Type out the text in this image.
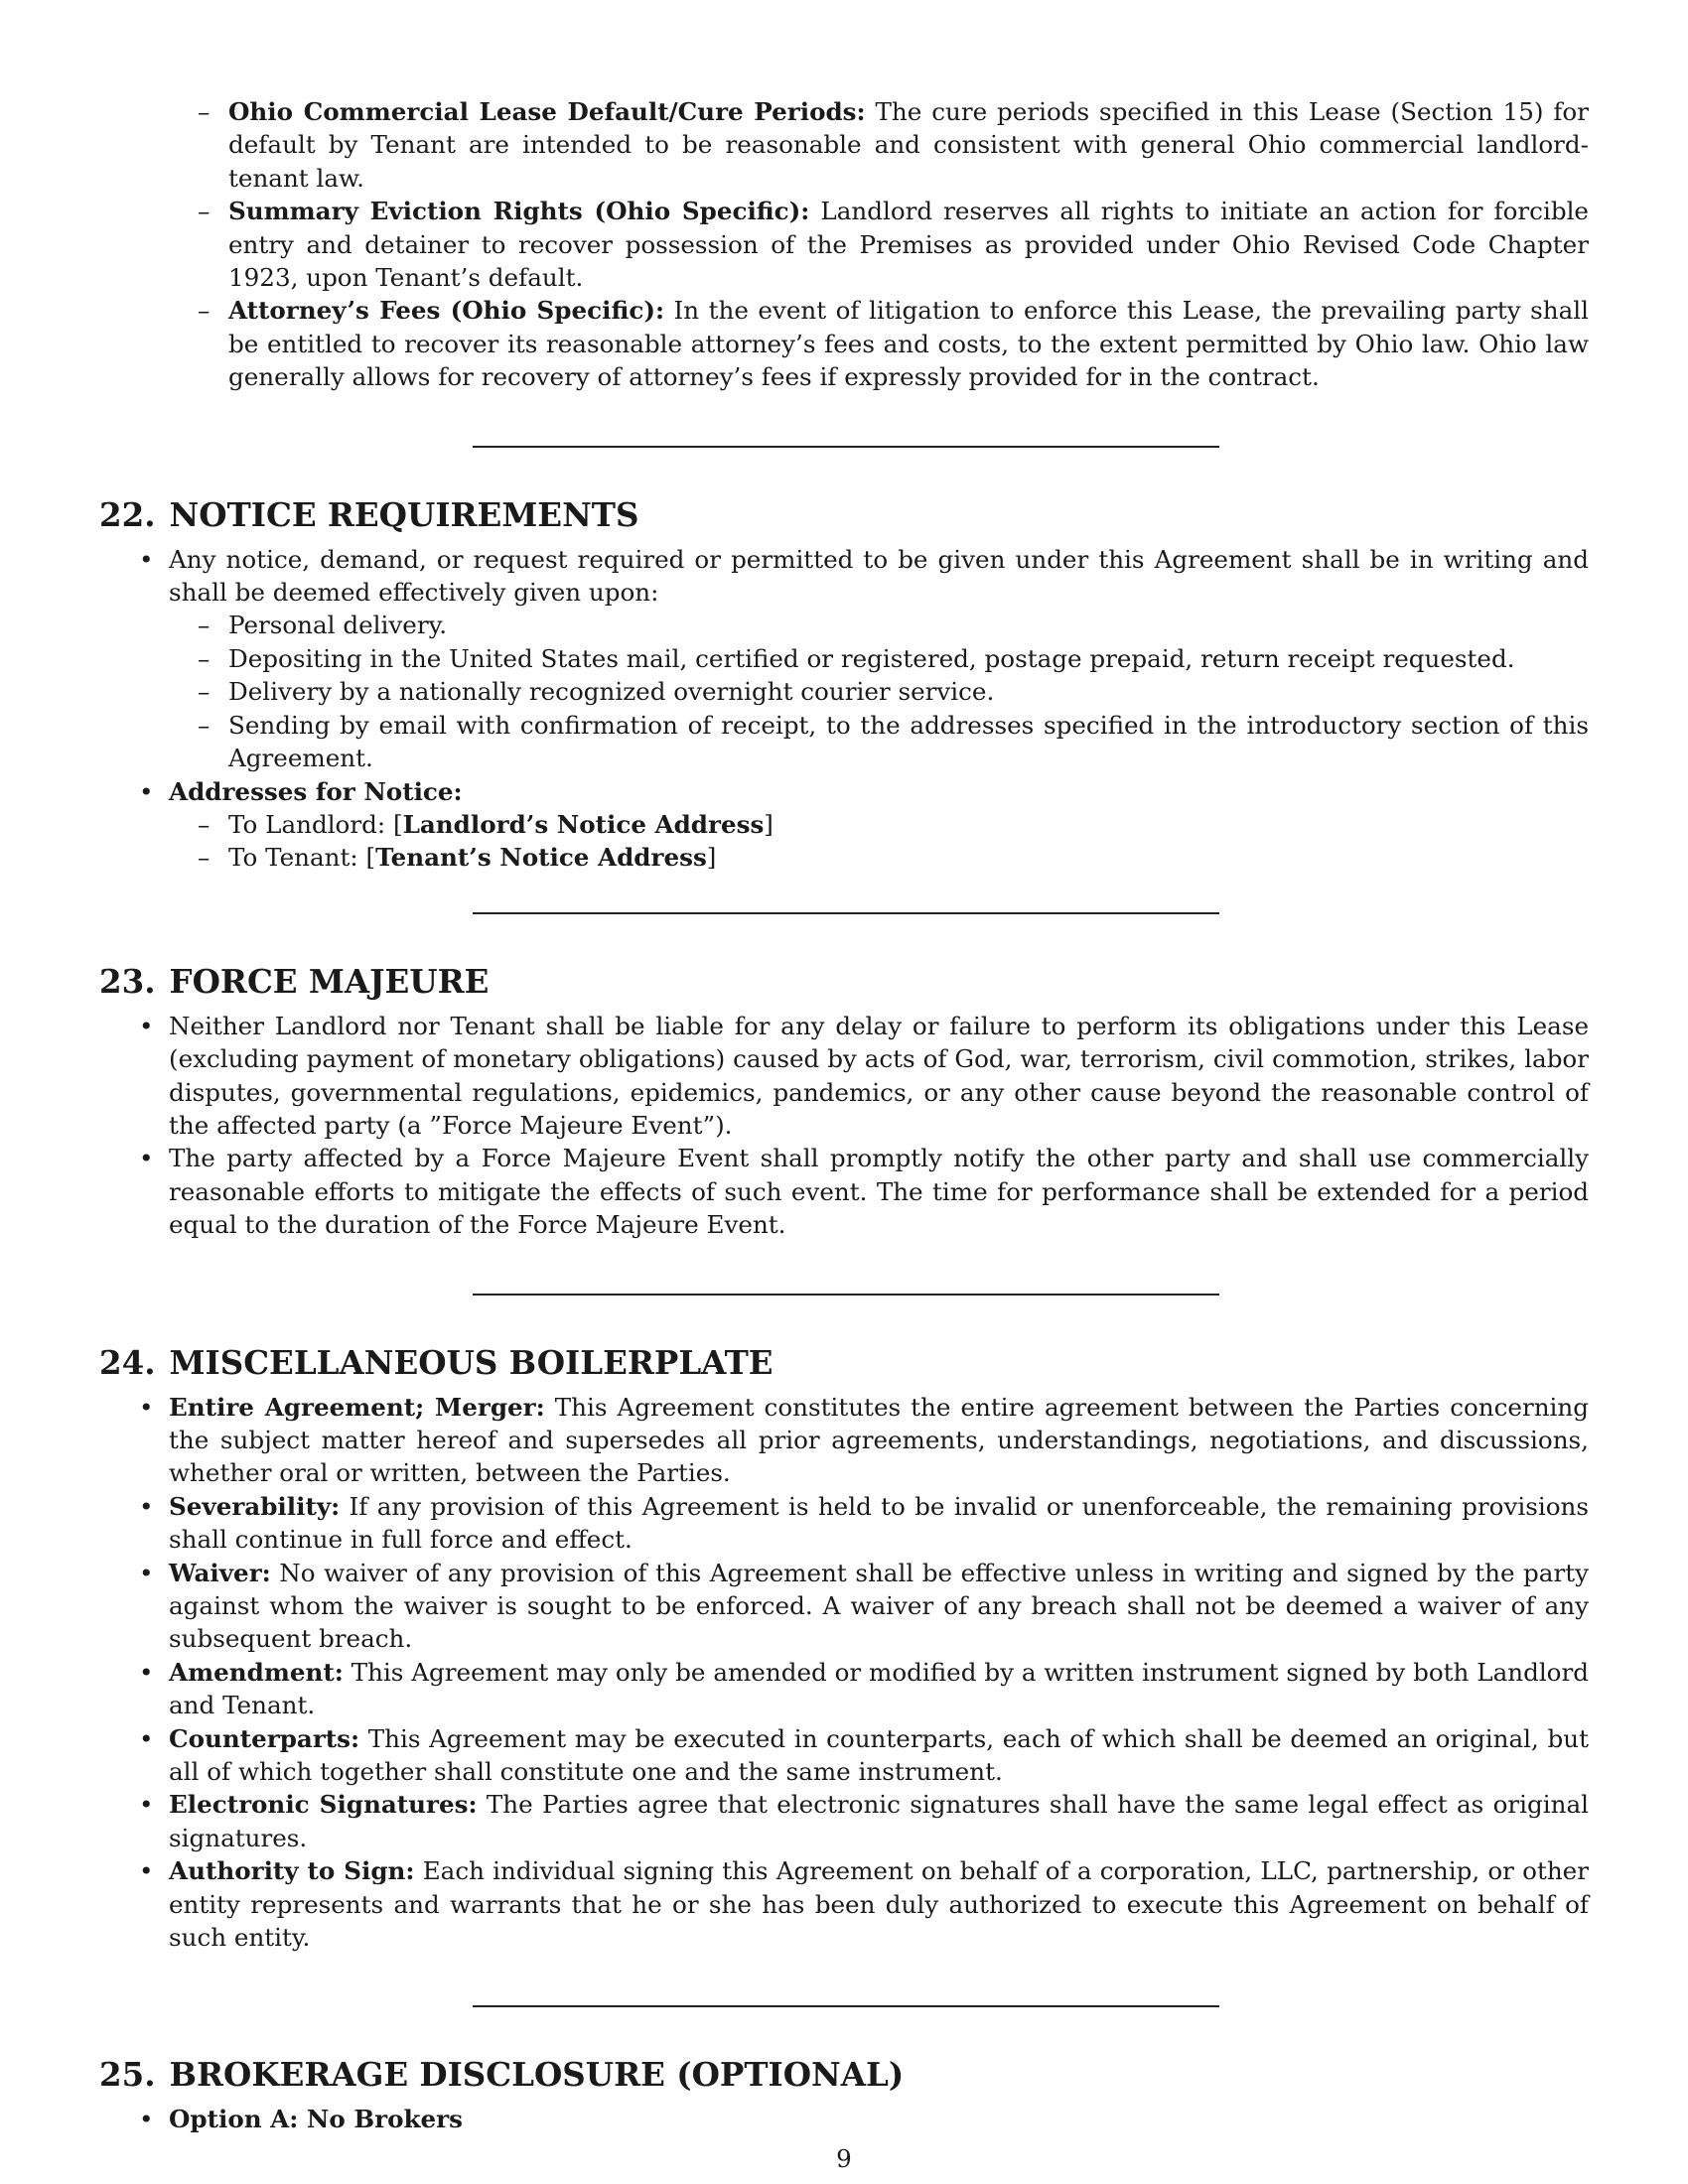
– Ohio Commercial Lease Default/Cure Periods: The cure periods specified in this Lease (Section 15) for default by Tenant are intended to be reasonable and consistent with general Ohio commercial landlord-tenant law.
– Summary Eviction Rights (Ohio Specific): Landlord reserves all rights to initiate an action for forcible entry and detainer to recover possession of the Premises as provided under Ohio Revised Code Chapter 1923, upon Tenant’s default.
– Attorney’s Fees (Ohio Specific): In the event of litigation to enforce this Lease, the prevailing party shall be entitled to recover its reasonable attorney’s fees and costs, to the extent permitted by Ohio law. Ohio law generally allows for recovery of attorney’s fees if expressly provided for in the contract.
22. NOTICE REQUIREMENTS
• Any notice, demand, or request required or permitted to be given under this Agreement shall be in writing and shall be deemed effectively given upon:
– Personal delivery.
– Depositing in the United States mail, certified or registered, postage prepaid, return receipt requested.
– Delivery by a nationally recognized overnight courier service.
– Sending by email with confirmation of receipt, to the addresses specified in the introductory section of this Agreement.
• Addresses for Notice:
– To Landlord: [Landlord’s Notice Address]
– To Tenant: [Tenant’s Notice Address]
23. FORCE MAJEURE
• Neither Landlord nor Tenant shall be liable for any delay or failure to perform its obligations under this Lease (excluding payment of monetary obligations) caused by acts of God, war, terrorism, civil commotion, strikes, labor disputes, governmental regulations, epidemics, pandemics, or any other cause beyond the reasonable control of the affected party (a ”Force Majeure Event”).
• The party affected by a Force Majeure Event shall promptly notify the other party and shall use commercially reasonable efforts to mitigate the effects of such event. The time for performance shall be extended for a period equal to the duration of the Force Majeure Event.
24. MISCELLANEOUS BOILERPLATE
• Entire Agreement; Merger: This Agreement constitutes the entire agreement between the Parties concerning the subject matter hereof and supersedes all prior agreements, understandings, negotiations, and discussions, whether oral or written, between the Parties.
• Severability: If any provision of this Agreement is held to be invalid or unenforceable, the remaining provisions shall continue in full force and effect.
• Waiver: No waiver of any provision of this Agreement shall be effective unless in writing and signed by the party against whom the waiver is sought to be enforced. A waiver of any breach shall not be deemed a waiver of any subsequent breach.
• Amendment: This Agreement may only be amended or modified by a written instrument signed by both Landlord and Tenant.
• Counterparts: This Agreement may be executed in counterparts, each of which shall be deemed an original, but all of which together shall constitute one and the same instrument.
• Electronic Signatures: The Parties agree that electronic signatures shall have the same legal effect as original signatures.
• Authority to Sign: Each individual signing this Agreement on behalf of a corporation, LLC, partnership, or other entity represents and warrants that he or she has been duly authorized to execute this Agreement on behalf of such entity.
25. BROKERAGE DISCLOSURE (OPTIONAL)
• Option A: No Brokers
9
